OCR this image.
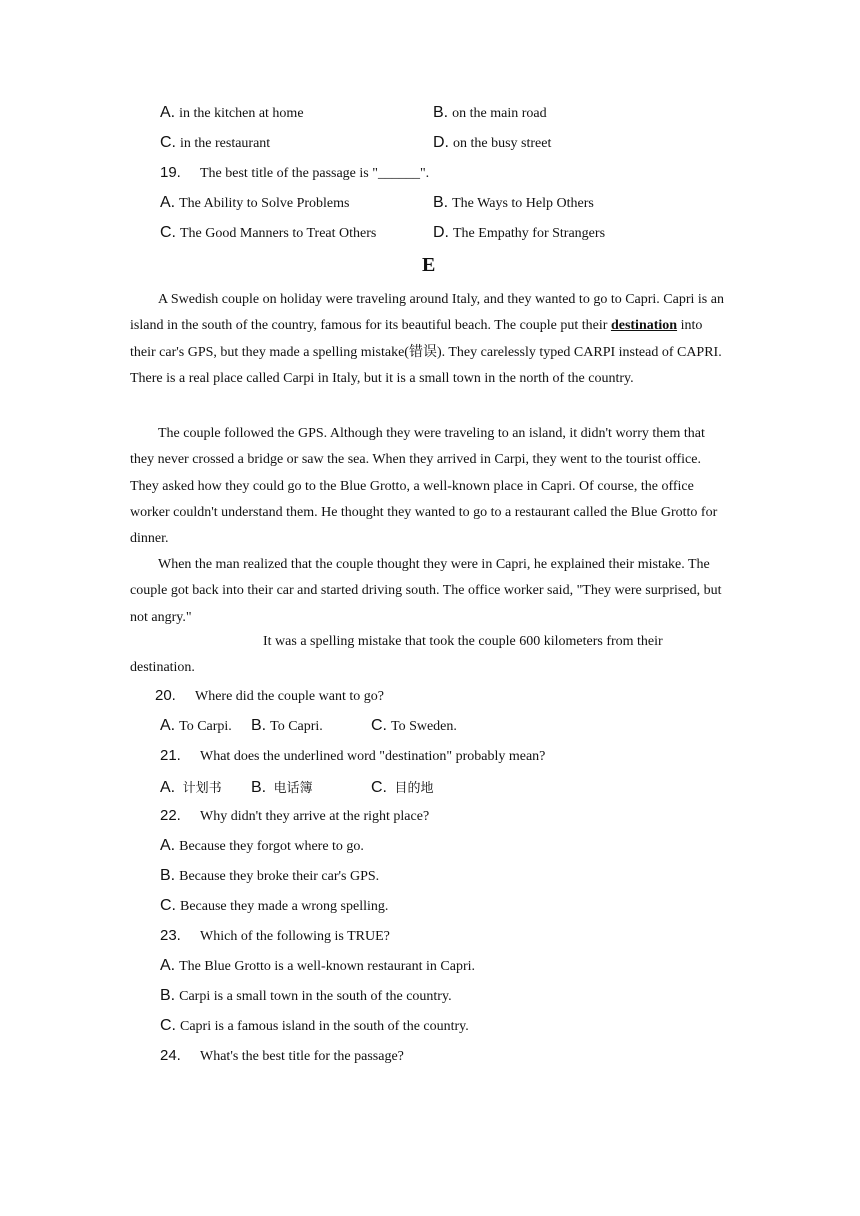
A. in the kitchen at home	B. on the main road
C. in the restaurant	D. on the busy street
19. The best title of the passage is "______".
A. The Ability to Solve Problems	B. The Ways to Help Others
C. The Good Manners to Treat Others	D. The Empathy for Strangers
E
A Swedish couple on holiday were traveling around Italy, and they wanted to go to Capri. Capri is an island in the south of the country, famous for its beautiful beach. The couple put their destination into their car's GPS, but they made a spelling mistake(错误). They carelessly typed CARPI instead of CAPRI. There is a real place called Carpi in Italy, but it is a small town in the north of the country.
The couple followed the GPS. Although they were traveling to an island, it didn't worry them that they never crossed a bridge or saw the sea. When they arrived in Carpi, they went to the tourist office. They asked how they could go to the Blue Grotto, a well-known place in Capri. Of course, the office worker couldn't understand them. He thought they wanted to go to a restaurant called the Blue Grotto for dinner.
When the man realized that the couple thought they were in Capri, he explained their mistake. The couple got back into their car and started driving south. The office worker said, "They were surprised, but not angry."
It was a spelling mistake that took the couple 600 kilometers from their
destination.
20. Where did the couple want to go?
A. To Carpi. B. To Capri.	C. To Sweden.
21. What does the underlined word "destination" probably mean?
A. 计划书 B. 电话簿	C. 目的地
22. Why didn't they arrive at the right place?
A. Because they forgot where to go.
B. Because they broke their car's GPS.
C. Because they made a wrong spelling.
23. Which of the following is TRUE?
A. The Blue Grotto is a well-known restaurant in Capri.
B. Carpi is a small town in the south of the country.
C. Capri is a famous island in the south of the country.
24. What's the best title for the passage?
